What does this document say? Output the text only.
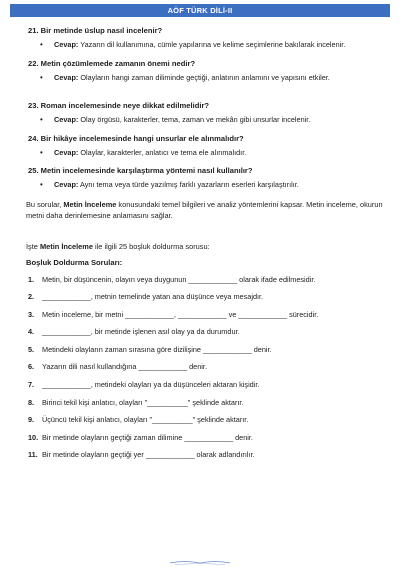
AÖF TÜRK DİLİ-II

21. Bir metinde üslup nasıl incelenir?

• Cevap: Yazarın dil kullanımına, cümle yapılarına ve kelime seçimlerine bakılarak incelenir.

22. Metin çözümlemede zamanın önemi nedir?

• Cevap: Olayların hangi zaman diliminde geçtiği, anlatının anlamını ve yapısını etkiler.

23. Roman incelemesinde neye dikkat edilmelidir?

• Cevap: Olay örgüsü, karakterler, tema, zaman ve mekân gibi unsurlar incelenir.

24. Bir hikâye incelemesinde hangi unsurlar ele alınmalıdır?

• Cevap: Olaylar, karakterler, anlatıcı ve tema ele alınmalıdır.

25. Metin incelemesinde karşılaştırma yöntemi nasıl kullanılır?

• Cevap: Aynı tema veya türde yazılmış farklı yazarların eserleri karşılaştırılır.

Bu sorular, Metin İnceleme konusundaki temel bilgileri ve analiz yöntemlerini kapsar. Metin inceleme, okurun metni daha derinlemesine anlamasını sağlar.

İşte Metin İnceleme ile ilgili 25 boşluk doldurma sorusu:

Boşluk Doldurma Soruları:

1. Metin, bir düşüncenin, olayın veya duygunun ____________ olarak ifade edilmesidir.
2. ____________, metnin temelinde yatan ana düşünce veya mesajdır.
3. Metin inceleme, bir metni ____________, ____________ ve ____________ sürecidir.
4. ____________, bir metinde işlenen asıl olay ya da durumdur.
5. Metindeki olayların zaman sırasına göre dizilişine ____________ denir.
6. Yazarın dili nasıl kullandığına ____________ denir.
7. ____________, metindeki olayları ya da düşünceleri aktaran kişidir.
8. Birinci tekil kişi anlatıcı, olayları "__________" şeklinde aktarır.
9. Üçüncü tekil kişi anlatıcı, olayları "__________" şeklinde aktarır.
10. Bir metinde olayların geçtiği zaman dilimine ____________ denir.
11. Bir metinde olayların geçtiği yer ____________ olarak adlandırılır.
